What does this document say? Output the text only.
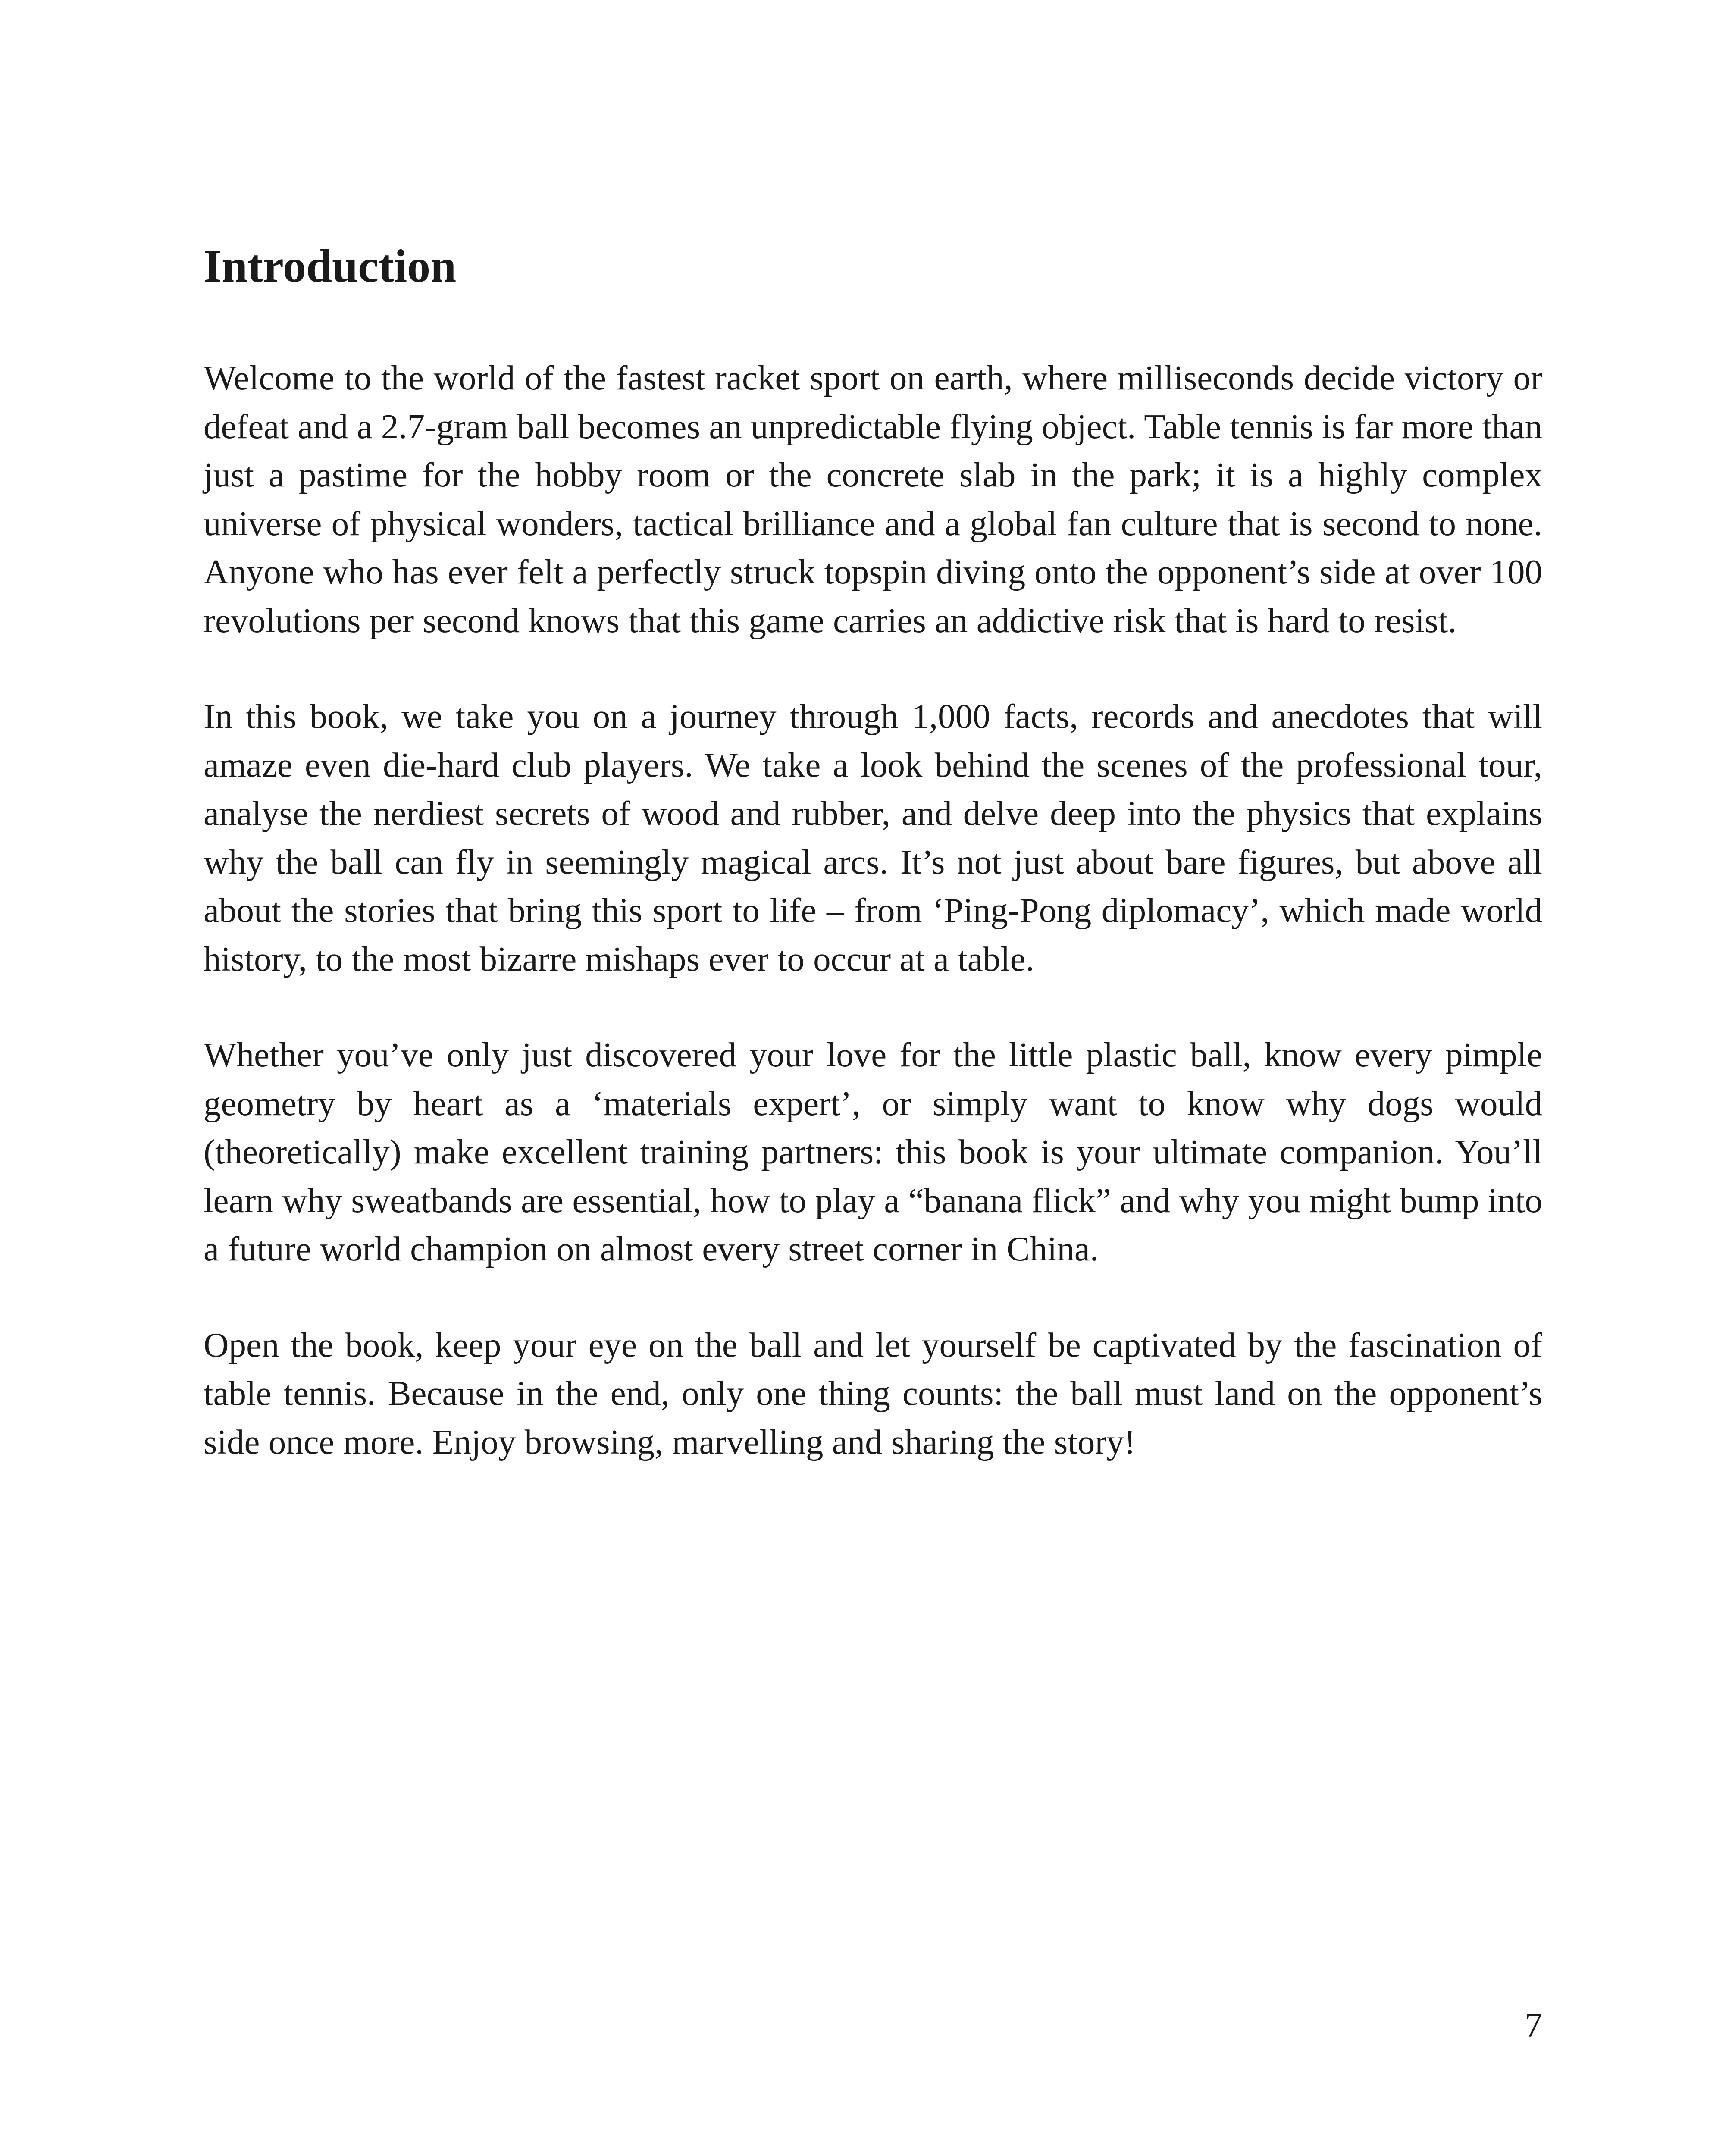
Introduction

Welcome to the world of the fastest racket sport on earth, where milliseconds decide victory or defeat and a 2.7-gram ball becomes an unpredictable flying object. Table tennis is far more than just a pastime for the hobby room or the concrete slab in the park; it is a highly complex universe of physical wonders, tactical brilliance and a global fan culture that is second to none. Anyone who has ever felt a perfectly struck topspin diving onto the opponent’s side at over 100 revolutions per second knows that this game carries an addictive risk that is hard to resist.

In this book, we take you on a journey through 1,000 facts, records and anecdotes that will amaze even die-hard club players. We take a look behind the scenes of the professional tour, analyse the nerdiest secrets of wood and rubber, and delve deep into the physics that explains why the ball can fly in seemingly magical arcs. It’s not just about bare figures, but above all about the stories that bring this sport to life – from ‘Ping-Pong diplomacy’, which made world history, to the most bizarre mishaps ever to occur at a table.

Whether you’ve only just discovered your love for the little plastic ball, know every pimple geometry by heart as a ‘materials expert’, or simply want to know why dogs would (theoretically) make excellent training partners: this book is your ultimate companion. You’ll learn why sweatbands are essential, how to play a “banana flick” and why you might bump into a future world champion on almost every street corner in China.

Open the book, keep your eye on the ball and let yourself be captivated by the fascination of table tennis. Because in the end, only one thing counts: the ball must land on the opponent’s side once more. Enjoy browsing, marvelling and sharing the story!

7
